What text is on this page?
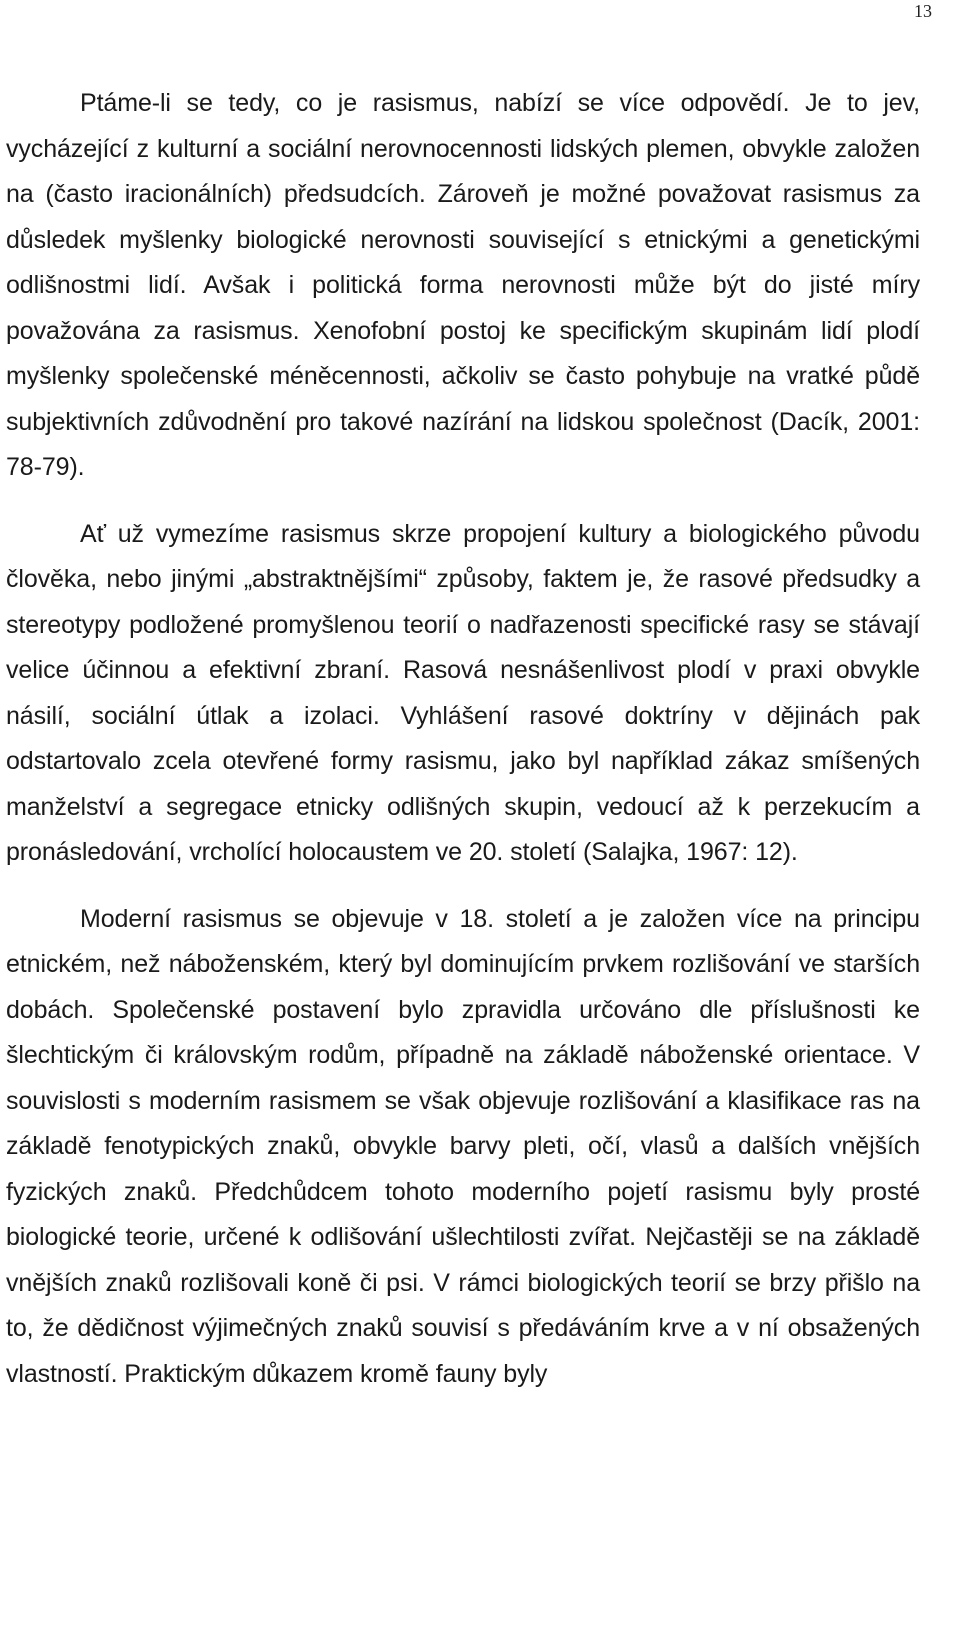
13

Ptáme-li se tedy, co je rasismus, nabízí se více odpovědí. Je to jev, vycházející z kulturní a sociální nerovnocennosti lidských plemen, obvykle založen na (často iracionálních) předsudcích. Zároveň je možné považovat rasismus za důsledek myšlenky biologické nerovnosti související s etnickými a genetickými odlišnostmi lidí. Avšak i politická forma nerovnosti může být do jisté míry považována za rasismus. Xenofobní postoj ke specifickým skupinám lidí plodí myšlenky společenské méněcennosti, ačkoliv se často pohybuje na vratké půdě subjektivních zdůvodnění pro takové nazírání na lidskou společnost (Dacík, 2001: 78-79).

Ať už vymezíme rasismus skrze propojení kultury a biologického původu člověka, nebo jinými „abstraktnějšími“ způsoby, faktem je, že rasové předsudky a stereotypy podložené promyšlenou teorií o nadřazenosti specifické rasy se stávají velice účinnou a efektivní zbraní. Rasová nesnášenlivost plodí v praxi obvykle násilí, sociální útlak a izolaci. Vyhlášení rasové doktríny v dějinách pak odstartovalo zcela otevřené formy rasismu, jako byl například zákaz smíšených manželství a segregace etnicky odlišných skupin, vedoucí až k perzekucím a pronásledování, vrcholící holocaustem ve 20. století (Salajka, 1967: 12).

Moderní rasismus se objevuje v 18. století a je založen více na principu etnickém, než náboženském, který byl dominujícím prvkem rozlišování ve starších dobách. Společenské postavení bylo zpravidla určováno dle příslušnosti ke šlechtickým či královským rodům, případně na základě náboženské orientace. V souvislosti s moderním rasismem se však objevuje rozlišování a klasifikace ras na základě fenotypických znaků, obvykle barvy pleti, očí, vlasů a dalších vnějších fyzických znaků. Předchůdcem tohoto moderního pojetí rasismu byly prosté biologické teorie, určené k odlišování ušlechtilosti zvířat. Nejčastěji se na základě vnějších znaků rozlišovali koně či psi. V rámci biologických teorií se brzy přišlo na to, že dědičnost výjimečných znaků souvisí s předáváním krve a v ní obsažených vlastností. Praktickým důkazem kromě fauny byly
